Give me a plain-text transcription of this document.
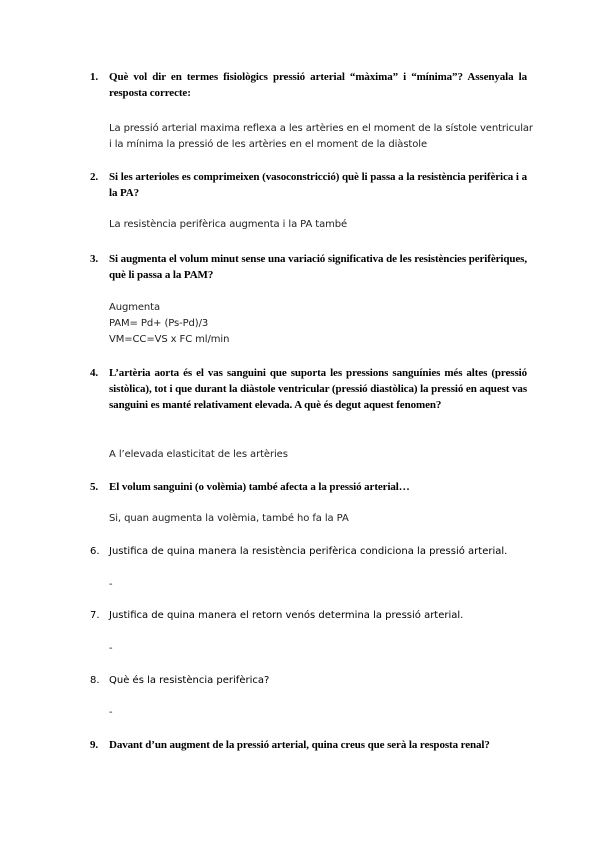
1. Què vol dir en termes fisiològics pressió arterial “màxima” i “mínima”? Assenyala la resposta correcte:
La pressió arterial maxima reflexa a les artèries en el moment de la sístole ventricular
i la mínima la pressió de les artèries en el moment de la diàstole
2. Si les arterioles es comprimeixen (vasoconstricció) què li passa a la resistència perifèrica i a la PA?
La resistència perifèrica augmenta i la PA també
3. Si augmenta el volum minut sense una variació significativa de les resistències perifèriques, què li passa a la PAM?
Augmenta
PAM= Pd+ (Ps-Pd)/3
VM=CC=VS x FC ml/min
4. L’artèria aorta és el vas sanguini que suporta les pressions sanguínies més altes (pressió sistòlica), tot i que durant la diàstole ventricular (pressió diastòlica) la pressió en aquest vas sanguini es manté relativament elevada. A què és degut aquest fenomen?
A l’elevada elasticitat de les artèries
5. El volum sanguini (o volèmia) també afecta a la pressió arterial…
Si, quan augmenta la volèmia, també ho fa la PA
6. Justifica de quina manera la resistència perifèrica condiciona la pressió arterial.
-
7. Justifica de quina manera el retorn venós determina la pressió arterial.
-
8. Què és la resistència perifèrica?
-
9. Davant d’un augment de la pressió arterial, quina creus que serà la resposta renal?
